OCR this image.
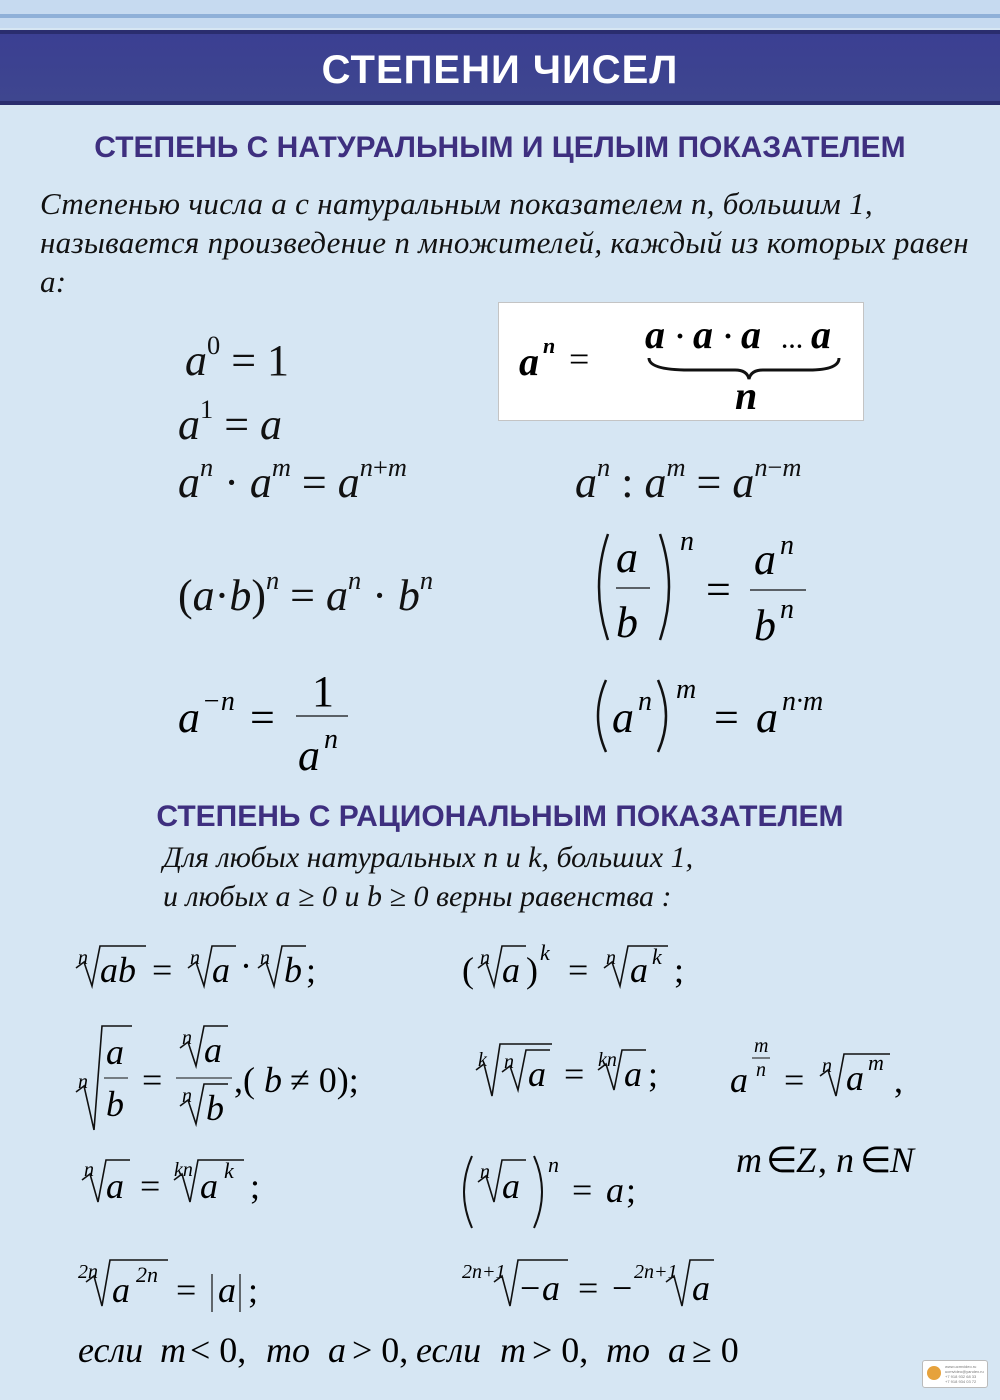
СТЕПЕНИ ЧИСЕЛ
СТЕПЕНЬ С НАТУРАЛЬНЫМ И ЦЕЛЫМ ПОКАЗАТЕЛЕМ
Степенью числа a с натуральным показателем n, большим 1, называется произведение n множителей, каждый из которых равен a:
$a^0 = 1$
$a^1 = a$
a n =
a · a · a … a
n
$a^n \cdot a^m = a^{n+m}$	$a^n$ : $a^m = a^{n-m}$
$(a\cdot b)^n = a^n \cdot b^n$	a
b
n
=
a n
b n
a −n =
1
a n	a n m
= a n·m
СТЕПЕНЬ С РАЦИОНАЛЬНЫМ ПОКАЗАТЕЛЕМ
Для любых натуральных n и k, больших 1,
и любых a ≥ 0 и b ≥ 0 верны равенства :
n ab = n a · n b ;	( n a ) k = n a k ;
n
a
b
=
n a
n b
,( b ≠ 0);	k n a = kn a ; a
m
n = n a m ,
m ∈
Z , n ∈
N
n a = kn a k ;	n a
n
= a ;
2n a 2n = a ;	2n+1 − a = − 2n+1 a
если m < 0, то a > 0, если m > 0, то a ≥ 0	www.ucmvideo.ru
ucmvideo@yandex.ru
+7 918 932 68 33
+7 918 934 03 72
